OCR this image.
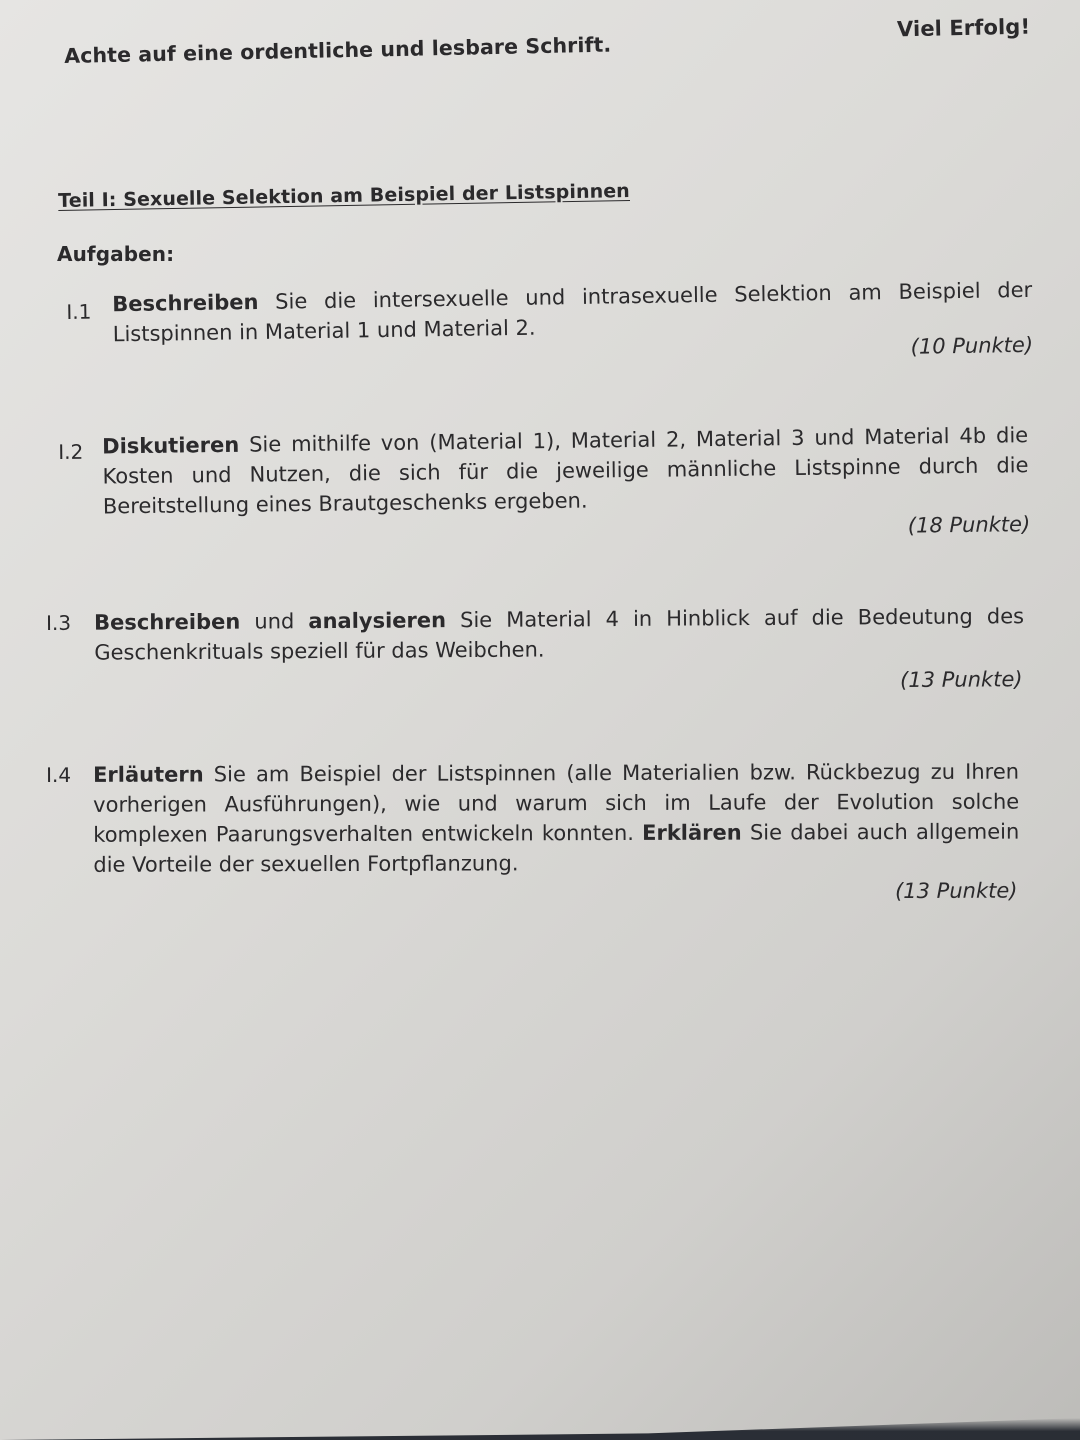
Achte auf eine ordentliche und lesbare Schrift.
Viel Erfolg!
Teil I: Sexuelle Selektion am Beispiel der Listspinnen
Aufgaben:
I.1 Beschreiben Sie die intersexuelle und intrasexuelle Selektion am Beispiel der Listspinnen in Material 1 und Material 2.	(10 Punkte)
I.2 Diskutieren Sie mithilfe von (Material 1), Material 2, Material 3 und Material 4b die Kosten und Nutzen, die sich für die jeweilige männliche Listspinne durch die Bereitstellung eines Brautgeschenks ergeben.
(18 Punkte)
I.3 Beschreiben und analysieren Sie Material 4 in Hinblick auf die Bedeutung des Geschenkrituals speziell für das Weibchen.
(13 Punkte)
I.4 Erläutern Sie am Beispiel der Listspinnen (alle Materialien bzw. Rückbezug zu Ihren vorherigen Ausführungen), wie und warum sich im Laufe der Evolution solche komplexen Paarungsverhalten entwickeln konnten. Erklären Sie dabei auch allgemein die Vorteile der sexuellen Fortpflanzung.
(13 Punkte)
